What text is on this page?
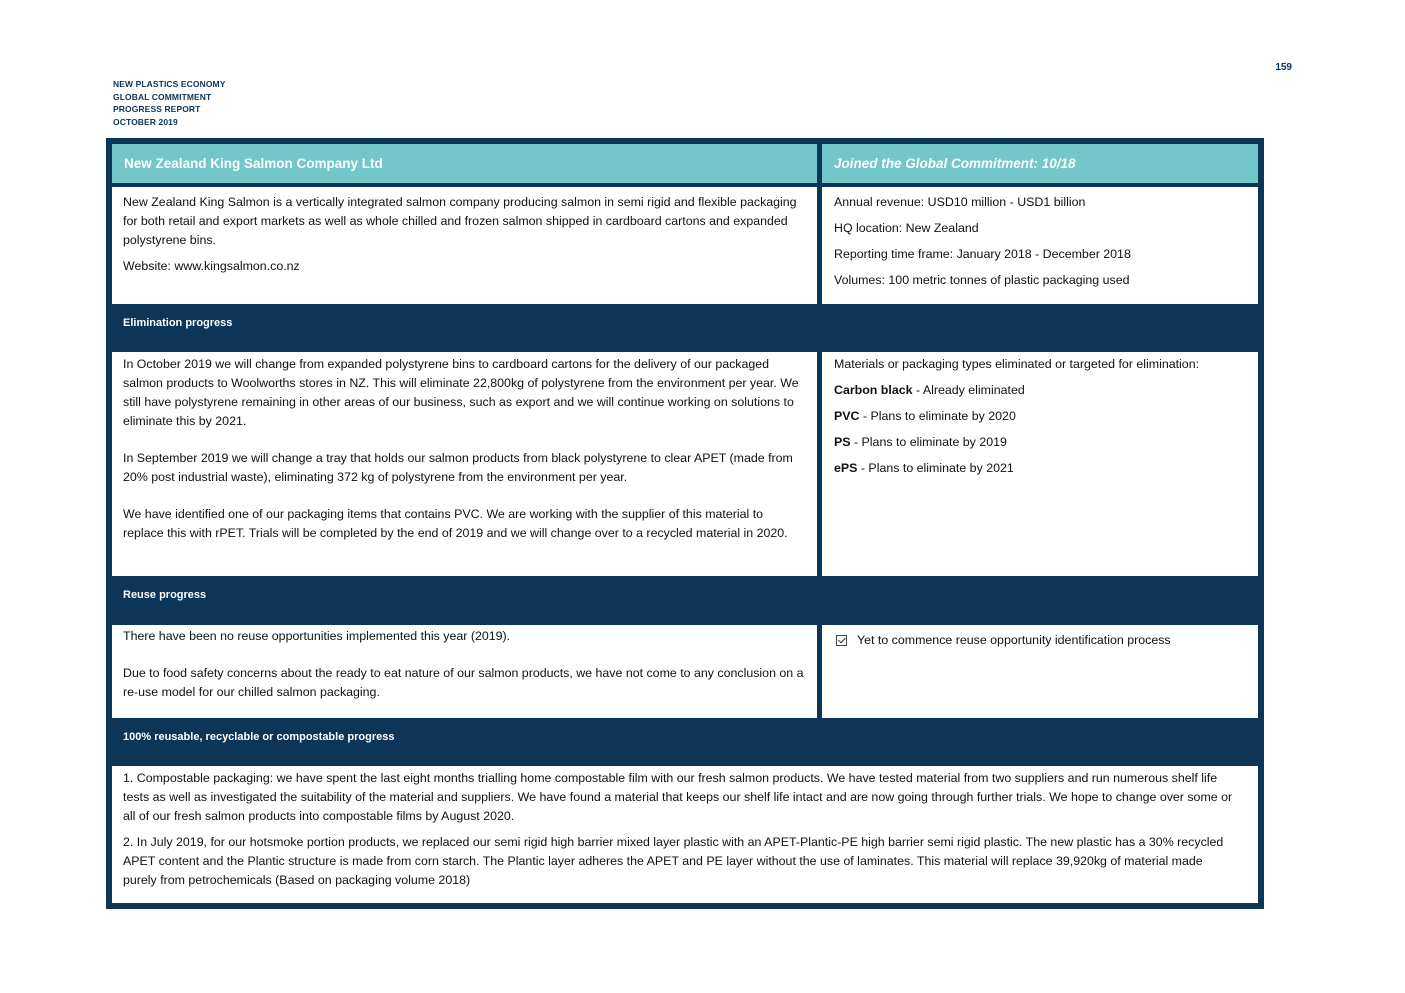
NEW PLASTICS ECONOMY
GLOBAL COMMITMENT
PROGRESS REPORT
OCTOBER 2019
159
New Zealand King Salmon Company Ltd	Joined the Global Commitment: 10/18

New Zealand King Salmon is a vertically integrated salmon company producing salmon in semi rigid and flexible packaging for both retail and export markets as well as whole chilled and frozen salmon shipped in cardboard cartons and expanded polystyrene bins.

Website: www.kingsalmon.co.nz

Annual revenue: USD10 million - USD1 billion

HQ location: New Zealand

Reporting time frame: January 2018 - December 2018

Volumes: 100 metric tonnes of plastic packaging used

Elimination progress

In October 2019 we will change from expanded polystyrene bins to cardboard cartons for the delivery of our packaged salmon products to Woolworths stores in NZ. This will eliminate 22,800kg of polystyrene from the environment per year. We still have polystyrene remaining in other areas of our business, such as export and we will continue working on solutions to eliminate this by 2021.

In September 2019 we will change a tray that holds our salmon products from black polystyrene to clear APET (made from 20% post industrial waste), eliminating 372 kg of polystyrene from the environment per year.

We have identified one of our packaging items that contains PVC. We are working with the supplier of this material to replace this with rPET. Trials will be completed by the end of 2019 and we will change over to a recycled material in 2020.

Materials or packaging types eliminated or targeted for elimination:

Carbon black - Already eliminated

PVC - Plans to eliminate by 2020

PS - Plans to eliminate by 2019

ePS - Plans to eliminate by 2021

Reuse progress

There have been no reuse opportunities implemented this year (2019).

Due to food safety concerns about the ready to eat nature of our salmon products, we have not come to any conclusion on a re-use model for our chilled salmon packaging.

Yet to commence reuse opportunity identification process
100% reusable, recyclable or compostable progress

1. Compostable packaging: we have spent the last eight months trialling home compostable film with our fresh salmon products. We have tested material from two suppliers and run numerous shelf life tests as well as investigated the suitability of the material and suppliers. We have found a material that keeps our shelf life intact and are now going through further trials. We hope to change over some or all of our fresh salmon products into compostable films by August 2020.

2. In July 2019, for our hotsmoke portion products, we replaced our semi rigid high barrier mixed layer plastic with an APET-Plantic-PE high barrier semi rigid plastic. The new plastic has a 30% recycled APET content and the Plantic structure is made from corn starch. The Plantic layer adheres the APET and PE layer without the use of laminates. This material will replace 39,920kg of material made purely from petrochemicals (Based on packaging volume 2018)
